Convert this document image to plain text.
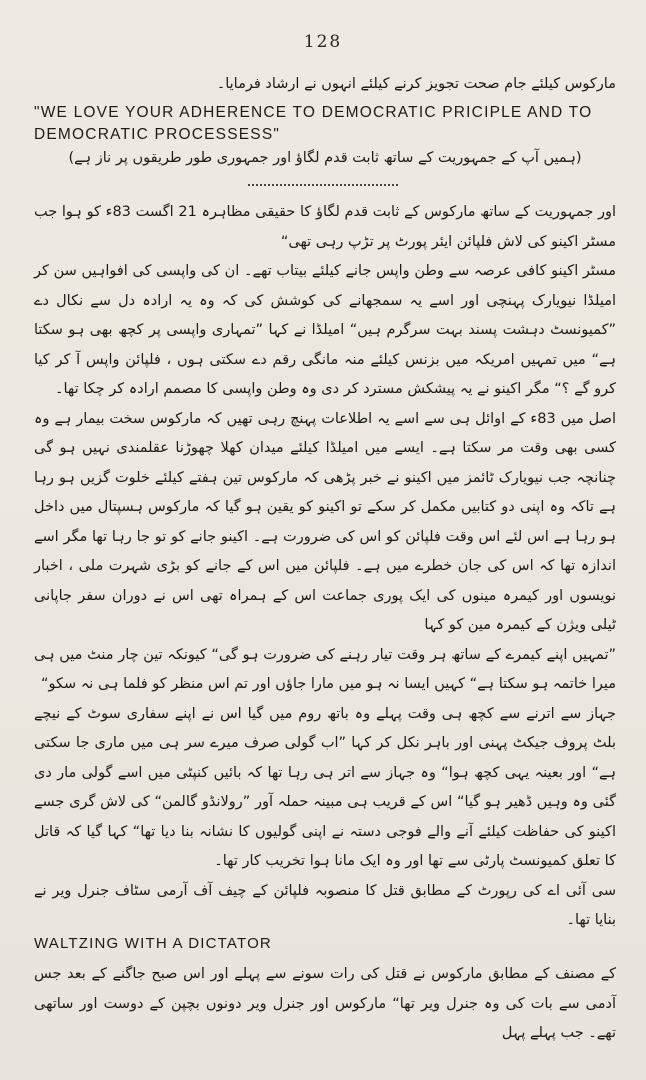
128

مارکوس کیلئے جام صحت تجویز کرنے کیلئے انہوں نے ارشاد فرمایا۔

"WE LOVE YOUR ADHERENCE TO DEMOCRATIC PRICIPLE AND TO DEMOCRATIC PROCESSESS"

(ہمیں آپ کے جمہوریت کے ساتھ ثابت قدم لگاؤ اور جمہوری طور طریقوں پر ناز ہے)

اور جمہوریت کے ساتھ مارکوس کے ثابت قدم لگاؤ کا حقیقی مظاہرہ 21 اگست 83ء کو ہوا جب مسٹر اکینو کی لاش فلپائن ایئر پورٹ پر تڑپ رہی تھی“

مسٹر اکینو کافی عرصہ سے وطن واپس جانے کیلئے بیتاب تھے۔ ان کی واپسی کی افواہیں سن کر امیلڈا نیویارک پہنچی اور اسے یہ سمجھانے کی کوشش کی کہ وہ یہ ارادہ دل سے نکال دے ”کمیونسٹ دہشت پسند بہت سرگرم ہیں“ امیلڈا نے کہا ”تمہاری واپسی پر کچھ بھی ہو سکتا ہے“ میں تمہیں امریکہ میں بزنس کیلئے منہ مانگی رقم دے سکتی ہوں ، فلپائن واپس آ کر کیا کرو گے ؟“ مگر اکینو نے یہ پیشکش مسترد کر دی وہ وطن واپسی کا مصمم ارادہ کر چکا تھا۔

اصل میں 83ء کے اوائل ہی سے اسے یہ اطلاعات پہنچ رہی تھیں کہ مارکوس سخت بیمار ہے وہ کسی بھی وقت مر سکتا ہے۔ ایسے میں امیلڈا کیلئے میدان کھلا چھوڑنا عقلمندی نہیں ہو گی چنانچہ جب نیویارک ٹائمز میں اکینو نے خبر پڑھی کہ مارکوس تین ہفتے کیلئے خلوت گزیں ہو رہا ہے تاکہ وہ اپنی دو کتابیں مکمل کر سکے تو اکینو کو یقین ہو گیا کہ مارکوس ہسپتال میں داخل ہو رہا ہے اس لئے اس وقت فلپائن کو اس کی ضرورت ہے۔ اکینو جانے کو تو جا رہا تھا مگر اسے اندازہ تھا کہ اس کی جان خطرے میں ہے۔ فلپائن میں اس کے جانے کو بڑی شہرت ملی ، اخبار نویسوں اور کیمرہ مینوں کی ایک پوری جماعت اس کے ہمراہ تھی اس نے دوران سفر جاپانی ٹیلی ویژن کے کیمرہ مین کو کہا

”تمہیں اپنے کیمرے کے ساتھ ہر وقت تیار رہنے کی ضرورت ہو گی“ کیونکہ تین چار منٹ میں ہی میرا خاتمہ ہو سکتا ہے“ کہیں ایسا نہ ہو میں مارا جاؤں اور تم اس منظر کو فلما ہی نہ سکو“

جہاز سے اترنے سے کچھ ہی وقت پہلے وہ باتھ روم میں گیا اس نے اپنے سفاری سوٹ کے نیچے بلٹ پروف جیکٹ پہنی اور باہر نکل کر کہا ”اب گولی صرف میرے سر ہی میں ماری جا سکتی ہے“ اور بعینہ یہی کچھ ہوا“ وہ جہاز سے اتر ہی رہا تھا کہ بائیں کنپٹی میں اسے گولی مار دی گئی وہ وہیں ڈھیر ہو گیا“ اس کے قریب ہی مبینہ حملہ آور ”رولانڈو گالمن“ کی لاش گری جسے اکینو کی حفاظت کیلئے آنے والے فوجی دستہ نے اپنی گولیوں کا نشانہ بنا دیا تھا“ کہا گیا کہ قاتل کا تعلق کمیونسٹ پارٹی سے تھا اور وہ ایک مانا ہوا تخریب کار تھا۔

سی آئی اے کی رپورٹ کے مطابق قتل کا منصوبہ فلپائن کے چیف آف آرمی سٹاف جنرل ویر نے بنایا تھا۔

WALTZING WITH A DICTATOR

کے مصنف کے مطابق مارکوس نے قتل کی رات سونے سے پہلے اور اس صبح جاگنے کے بعد جس آدمی سے بات کی وہ جنرل ویر تھا“ مارکوس اور جنرل ویر دونوں بچپن کے دوست اور ساتھی تھے۔ جب پہلے پہل
